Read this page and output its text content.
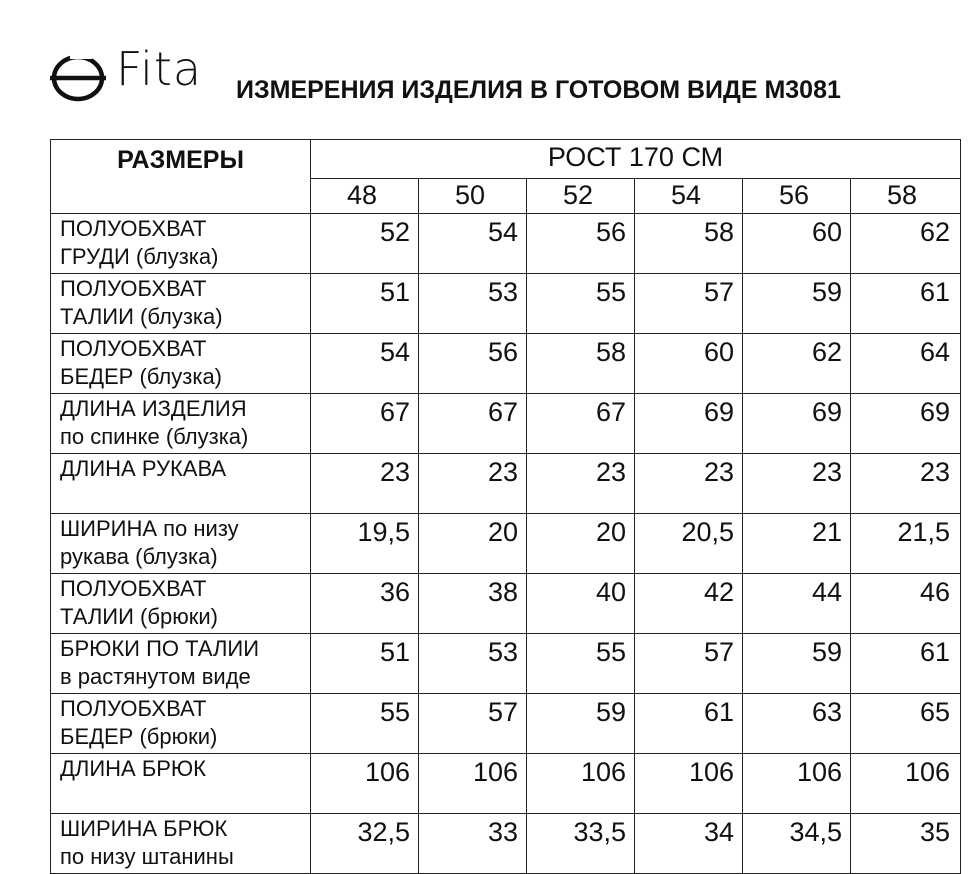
Fita ИЗМЕРЕНИЯ ИЗДЕЛИЯ В ГОТОВОМ ВИДЕ М3081
РАЗМЕРЫ	РОСТ 170 СМ					
	48	50	52	54	56	58

ПОЛУОБХВАТ
ГРУДИ (блузка)	52	54	56	58	60	62

ПОЛУОБХВАТ
ТАЛИИ (блузка)	51	53	55	57	59	61

ПОЛУОБХВАТ
БЕДЕР (блузка)	54	56	58	60	62	64

ДЛИНА ИЗДЕЛИЯ
по спинке (блузка)	67	67	67	69	69	69

ДЛИНА РУКАВА	23	23	23	23	23	23

ШИРИНА по низу
рукава (блузка)	19,5	20	20	20,5	21	21,5

ПОЛУОБХВАТ
ТАЛИИ (брюки)	36	38	40	42	44	46

БРЮКИ ПО ТАЛИИ
в растянутом виде	51	53	55	57	59	61

ПОЛУОБХВАТ
БЕДЕР (брюки)	55	57	59	61	63	65

ДЛИНА БРЮК	106	106	106	106	106	106

ШИРИНА БРЮК
по низу штанины	32,5	33	33,5	34	34,5	35
